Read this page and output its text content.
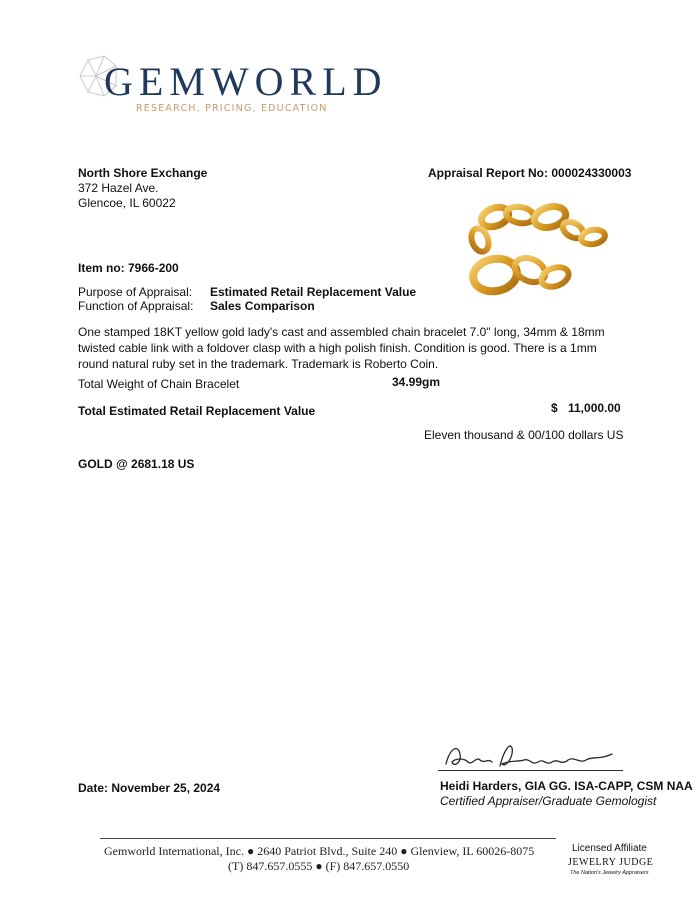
GEMWORLD
RESEARCH, PRICING, EDUCATION
North Shore Exchange
372 Hazel Ave.
Glencoe, IL 60022
Appraisal Report No: 000024330003
Item no: 7966-200
Purpose of Appraisal: Estimated Retail Replacement Value
Function of Appraisal: Sales Comparison
One stamped 18KT yellow gold lady's cast and assembled chain bracelet 7.0" long, 34mm & 18mm twisted cable link with a foldover clasp with a high polish finish. Condition is good. There is a 1mm round natural ruby set in the trademark. Trademark is Roberto Coin.
Total Weight of Chain Bracelet	34.99gm
Total Estimated Retail Replacement Value	$ 11,000.00
Eleven thousand & 00/100 dollars US
GOLD @ 2681.18 US
Date: November 25, 2024	Heidi Harders, GIA GG. ISA-CAPP, CSM NAA
Certified Appraiser/Graduate Gemologist
Gemworld International, Inc. ● 2640 Patriot Blvd., Suite 240 ● Glenview, IL 60026-8075
(T) 847.657.0555 ● (F) 847.657.0550
Licensed Affiliate
JEWELRY JUDGE
The Nation's Jewelry Appraisers
